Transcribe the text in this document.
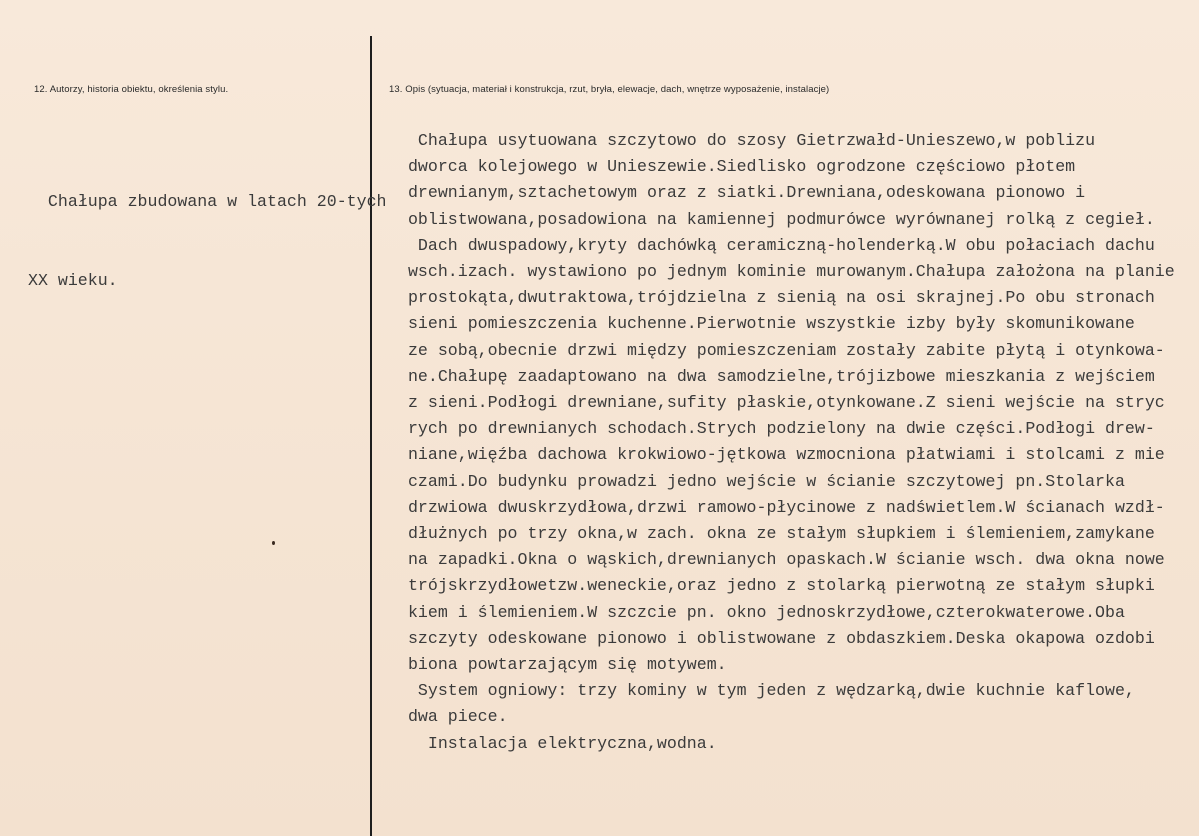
12. Autorzy, historia obiektu, określenia stylu.	13. Opis (sytuacja, materiał i konstrukcja, rzut, bryła, elewacje, dach, wnętrze wyposażenie, instalacje)

Chałupa zbudowana w latach 20-tych

XX wieku.

Chałupa usytuowana szczytowo do szosy Gietrzwałd-Unieszewo,w poblizu
dworca kolejowego w Unieszewie.Siedlisko ogrodzone częściowo płotem
drewnianym,sztachetowym oraz z siatki.Drewniana,odeskowana pionowo i
oblistwowana,posadowiona na kamiennej podmurówce wyrównanej rolką z cegieł.
Dach dwuspadowy,kryty dachówką ceramiczną-holenderką.W obu połaciach dachu
wsch.izach. wystawiono po jednym kominie murowanym.Chałupa założona na planie
prostokąta,dwutraktowa,trójdzielna z sienią na osi skrajnej.Po obu stronach
sieni pomieszczenia kuchenne.Pierwotnie wszystkie izby były skomunikowane
ze sobą,obecnie drzwi między pomieszczeniam zostały zabite płytą i otynkowa-
ne.Chałupę zaadaptowano na dwa samodzielne,trójizbowe mieszkania z wejściem
z sieni.Podłogi drewniane,sufity płaskie,otynkowane.Z sieni wejście na stryc
rych po drewnianych schodach.Strych podzielony na dwie części.Podłogi drew-
niane,więźba dachowa krokwiowo-jętkowa wzmocniona płatwiami i stolcami z mie
czami.Do budynku prowadzi jedno wejście w ścianie szczytowej pn.Stolarka
drzwiowa dwuskrzydłowa,drzwi ramowo-płycinowe z nadświetlem.W ścianach wzdł-
dłużnych po trzy okna,w zach. okna ze stałym słupkiem i ślemieniem,zamykane
na zapadki.Okna o wąskich,drewnianych opaskach.W ścianie wsch. dwa okna nowe
trójskrzydłowetzw.weneckie,oraz jedno z stolarką pierwotną ze stałym słupki
kiem i ślemieniem.W szczcie pn. okno jednoskrzydłowe,czterokwaterowe.Oba
szczyty odeskowane pionowo i oblistwowane z obdaszkiem.Deska okapowa ozdobi
biona powtarzającym się motywem.
System ogniowy: trzy kominy w tym jeden z wędzarką,dwie kuchnie kaflowe,
dwa piece.
Instalacja elektryczna,wodna.
